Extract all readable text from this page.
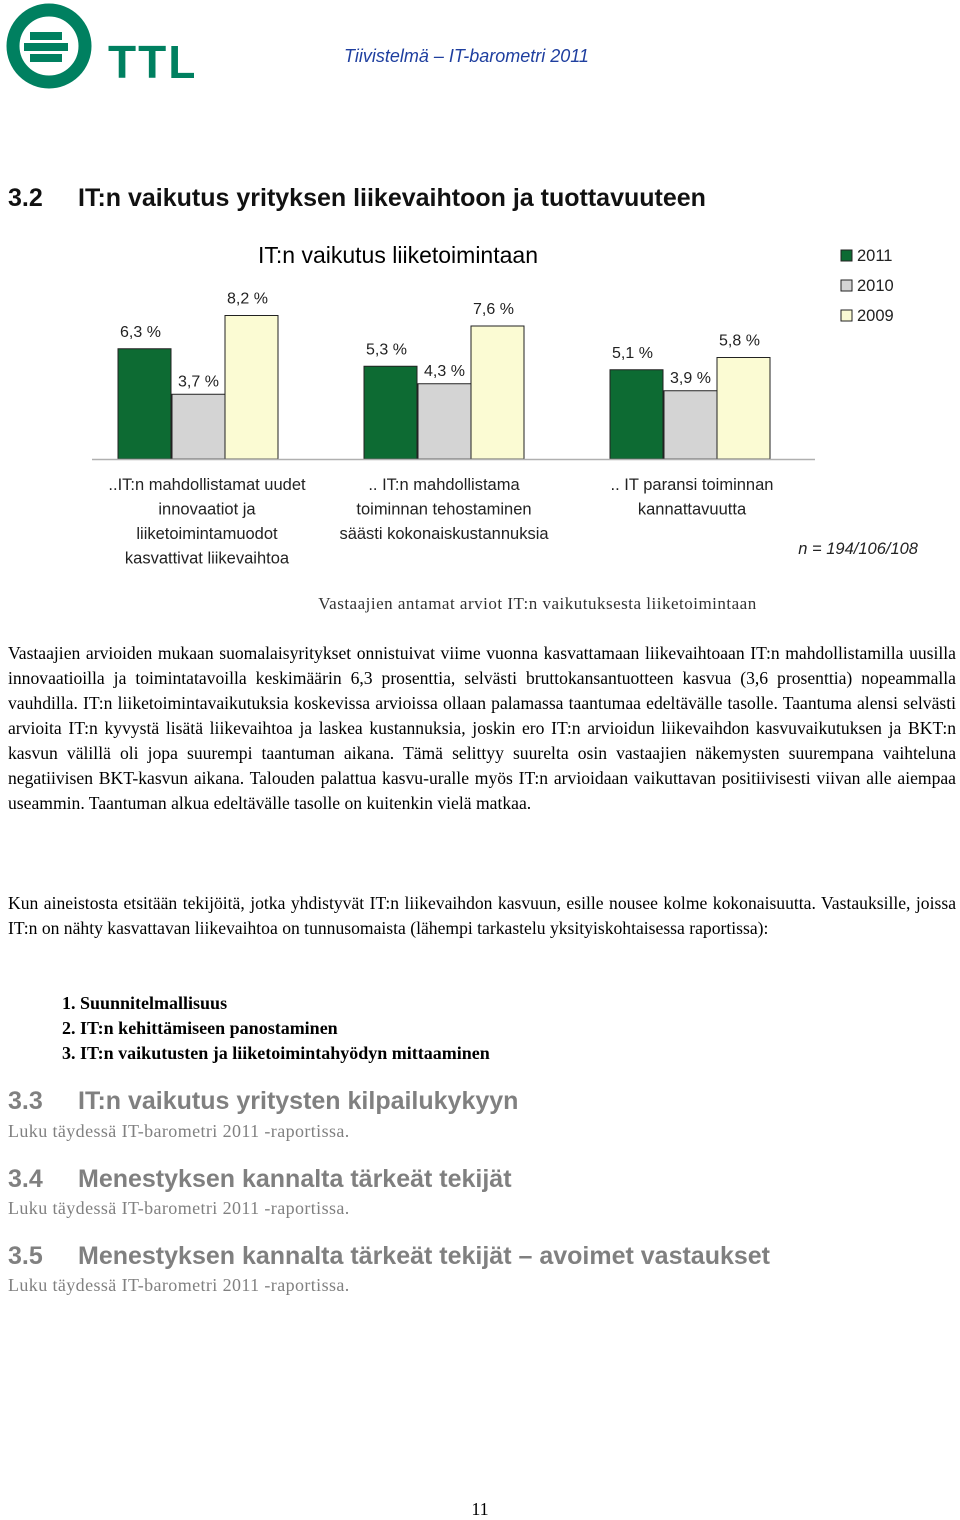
TTL	Tiivistelmä – IT-barometri 2011
3.2 IT:n vaikutus yrityksen liikevaihtoon ja tuottavuuteen
IT:n vaikutus liiketoimintaan
6,3 %
5,3 %	5,1 %
3,7 %
4,3 %	3,9 %
8,2 %
7,6 %
5,8 %
..IT:n mahdollistamat uudet
innovaatiot ja
liiketoimintamuodot
kasvattivat liikevaihtoa
.. IT:n mahdollistama
toiminnan tehostaminen
säästi kokonaiskustannuksia
.. IT paransi toiminnan
kannattavuutta
2011
2010
2009
n = 194/106/108
Vastaajien antamat arviot IT:n vaikutuksesta liiketoimintaan

Vastaajien arvioiden mukaan suomalaisyritykset onnistuivat viime vuonna kasvattamaan liikevaihtoaan IT:n mahdollistamilla uusilla innovaatioilla ja toimintatavoilla keskimäärin 6,3 prosenttia, selvästi bruttokansantuotteen kasvua (3,6 prosenttia) nopeammalla vauhdilla. IT:n liiketoimintavaikutuksia koskevissa arvioissa ollaan palamassa taantumaa edeltävälle tasolle. Taantuma alensi selvästi arvioita IT:n kyvystä lisätä liikevaihtoa ja laskea kustannuksia, joskin ero IT:n arvioidun liikevaihdon kasvuvaikutuksen ja BKT:n kasvun välillä oli jopa suurempi taantuman aikana. Tämä selittyy suurelta osin vastaajien näkemysten suurempana vaihteluna negatiivisen BKT-kasvun aikana. Talouden palattua kasvu-uralle myös IT:n arvioidaan vaikuttavan positiivisesti viivan alle aiempaa useammin. Taantuman alkua edeltävälle tasolle on kuitenkin vielä matkaa.

Kun aineistosta etsitään tekijöitä, jotka yhdistyvät IT:n liikevaihdon kasvuun, esille nousee kolme kokonaisuutta. Vastauksille, joissa IT:n on nähty kasvattavan liikevaihtoa on tunnusomaista (lähempi tarkastelu yksityiskohtaisessa raportissa):

1. Suunnitelmallisuus
2. IT:n kehittämiseen panostaminen
3. IT:n vaikutusten ja liiketoimintahyödyn mittaaminen
3.3 IT:n vaikutus yritysten kilpailukykyyn
Luku täydessä IT-barometri 2011 -raportissa.
3.4 Menestyksen kannalta tärkeät tekijät
Luku täydessä IT-barometri 2011 -raportissa.
3.5 Menestyksen kannalta tärkeät tekijät – avoimet vastaukset
Luku täydessä IT-barometri 2011 -raportissa.
11
